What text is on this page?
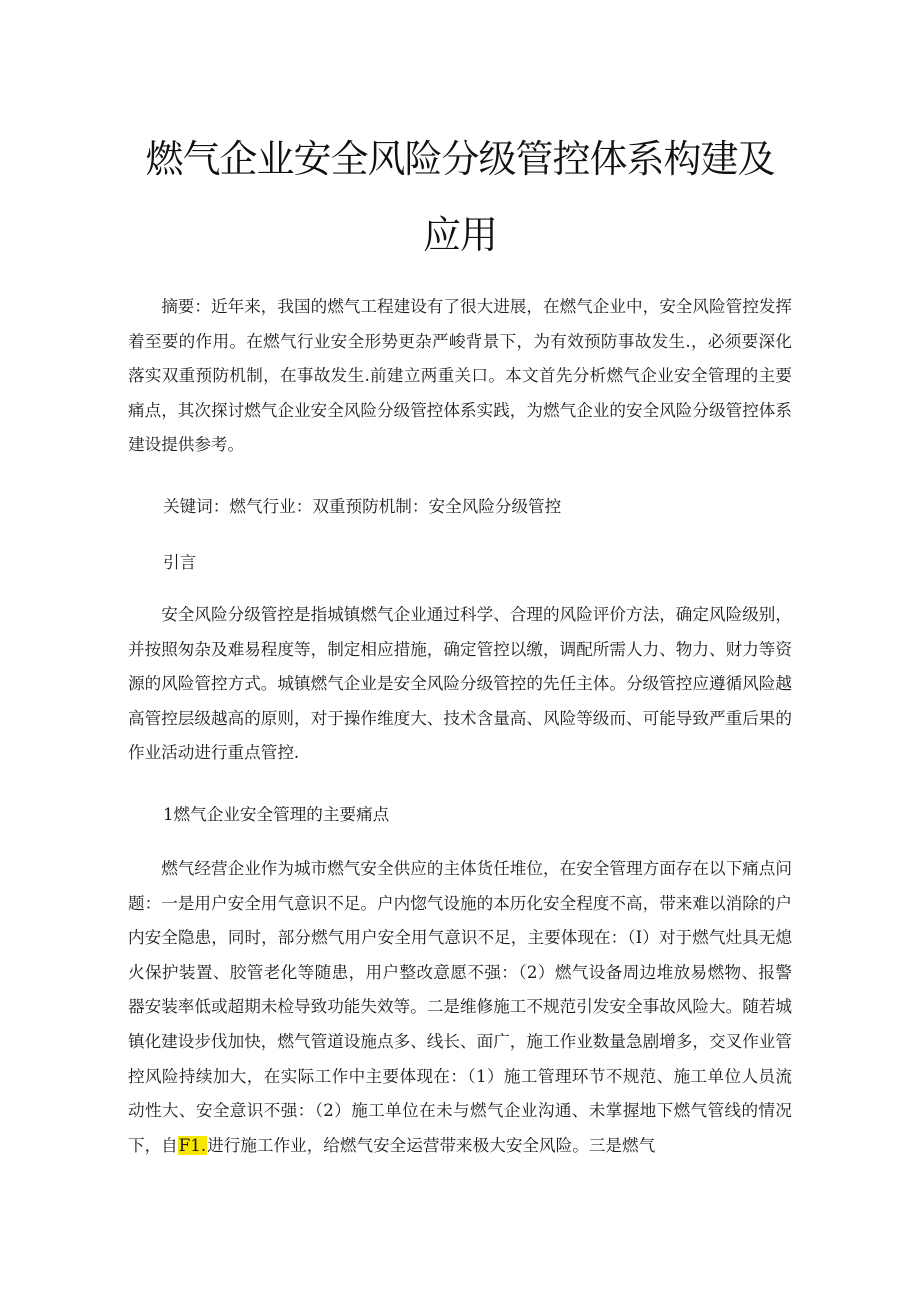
燃气企业安全风险分级管控体系构建及
应用
摘要：近年来，我国的燃气工程建设有了很大进展，在燃气企业中，安全风险管控发挥着至要的作用。在燃气行业安全形势更杂严峻背景下，为有效预防事故发生.，必须要深化落实双重预防机制，在事故发生.前建立两重关口。本文首先分析燃气企业安全管理的主要痛点，其次探讨燃气企业安全风险分级管控体系实践，为燃气企业的安全风险分级管控体系建设提供参考。
关键词：燃气行业：双重预防机制：安全风险分级管控
引言
安全风险分级管控是指城镇燃气企业通过科学、合理的风险评价方法，确定风险级别，并按照匆杂及难易程度等，制定相应措施，确定管控以缴，调配所需人力、物力、财力等资源的风险管控方式。城镇燃气企业是安全风险分级管控的先任主体。分级管控应遵循风险越高管控层级越高的原则，对于操作维度大、技术含量高、风险等级而、可能导致严重后果的作业活动进行重点管控.
1燃气企业安全管理的主要痛点
燃气经营企业作为城市燃气安全供应的主体货任堆位，在安全管理方面存在以下痛点问题：一是用户安全用气意识不足。户内惚气设施的本历化安全程度不高，带来难以消除的户内安全隐患，同时，部分燃气用户安全用气意识不足，主要体现在：（I）对于燃气灶具无熄火保护装置、胶管老化等随患，用户整改意愿不强：（2）燃气设备周边堆放易燃物、报警器安装率低或超期未检导致功能失效等。二是维修施工不规范引发安全事故风险大。随若城镇化建设步伐加快，燃气管道设施点多、线长、面广，施工作业数量急剧增多，交叉作业管控风险持续加大，在实际工作中主要体现在：（1）施工管理环节不规范、施工单位人员流动性大、安全意识不强：（2）施工单位在未与燃气企业沟通、未掌握地下燃气管线的情况下，自F1.进行施工作业，给燃气安全运营带来极大安全风险。三是燃气
